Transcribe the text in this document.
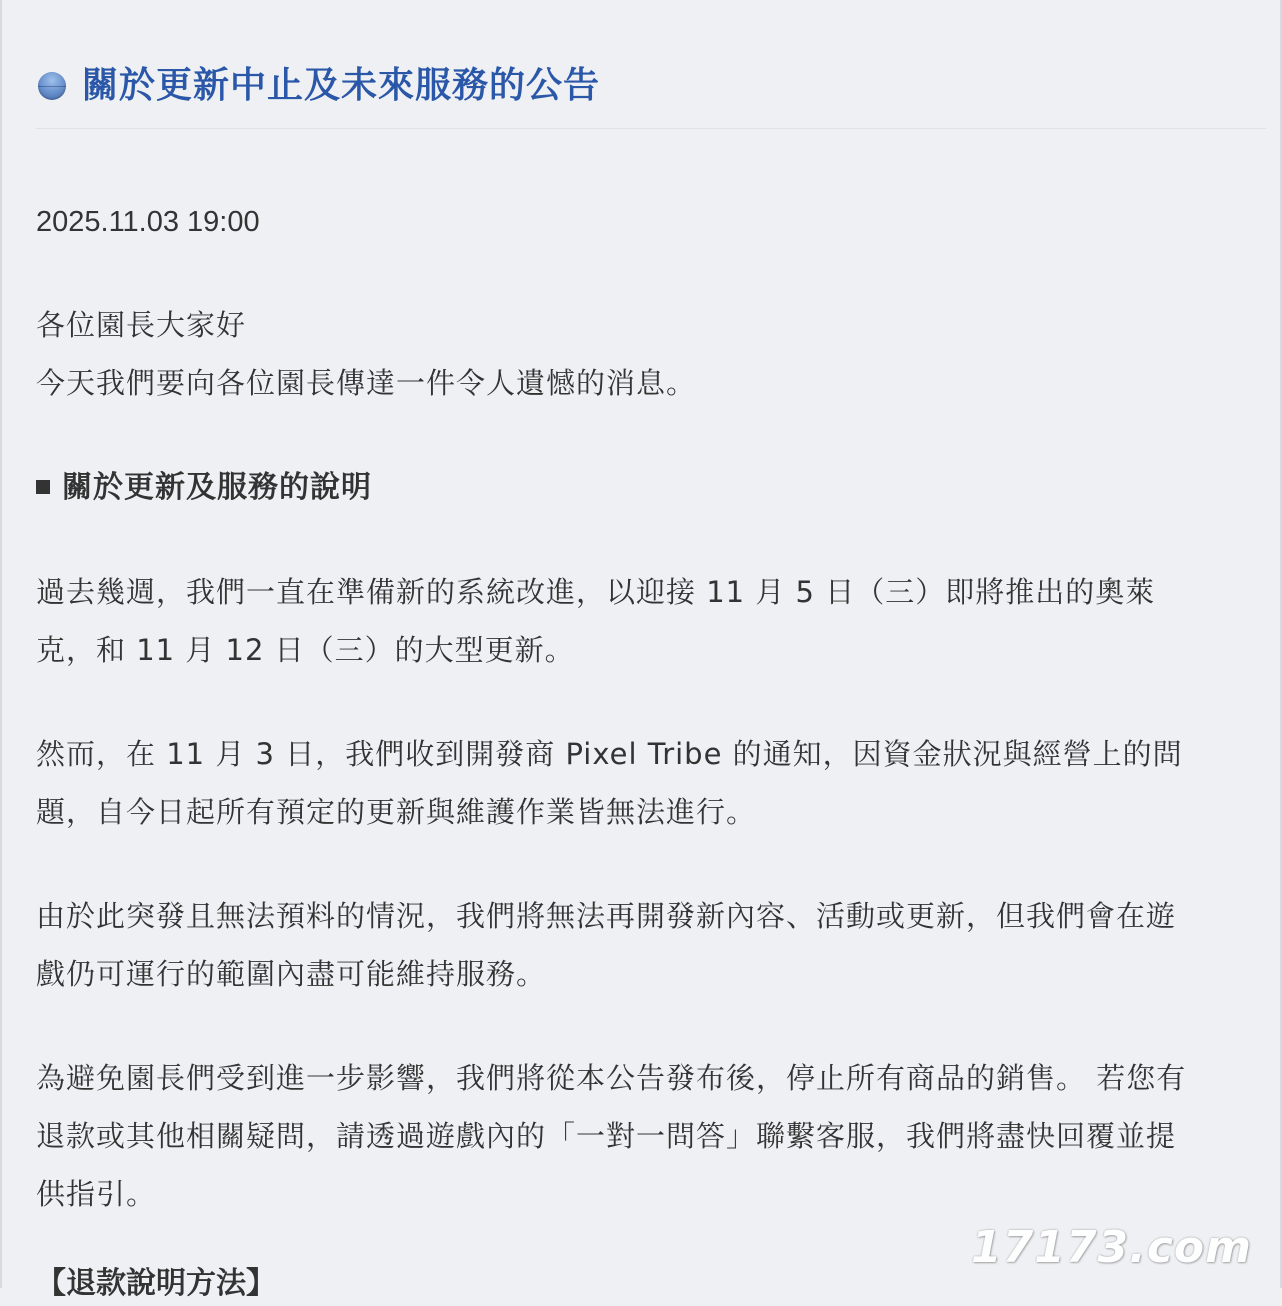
關於更新中止及未來服務的公告
2025.11.03 19:00
各位園長大家好
今天我們要向各位園長傳達一件令人遺憾的消息。
關於更新及服務的說明
過去幾週，我們一直在準備新的系統改進，以迎接 11 月 5 日（三）即將推出的奧萊
克，和 11 月 12 日（三）的大型更新。
然而，在 11 月 3 日，我們收到開發商 Pixel Tribe 的通知，因資金狀況與經營上的問
題，自今日起所有預定的更新與維護作業皆無法進行。
由於此突發且無法預料的情況，我們將無法再開發新內容、活動或更新，但我們會在遊
戲仍可運行的範圍內盡可能維持服務。
為避免園長們受到進一步影響，我們將從本公告發布後，停止所有商品的銷售。 若您有
退款或其他相關疑問，請透過遊戲內的「一對一問答」聯繫客服，我們將盡快回覆並提
供指引。
【退款說明方法】
17173.com
